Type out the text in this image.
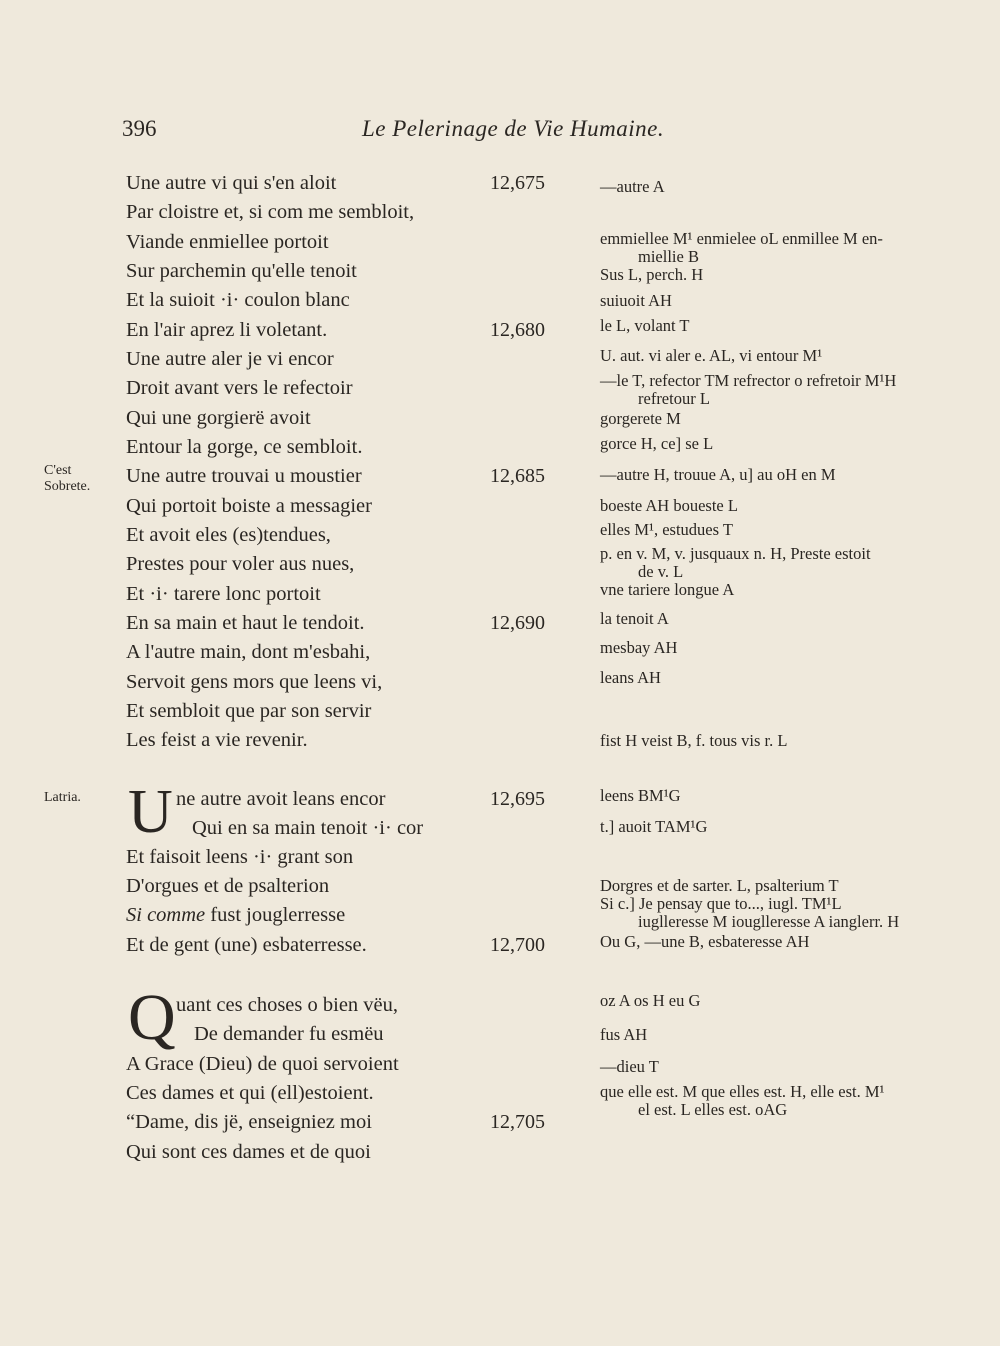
396	Le Pelerinage de Vie Humaine.
C'est Sobrete.
Latria.
Une autre vi qui s'en aloit
Par cloistre et, si com me sembloit,
Viande enmiellee portoit
Sur parchemin qu'elle tenoit
Et la suioit ·i· coulon blanc
En l'air aprez li voletant.
Une autre aler je vi encor
Droit avant vers le refectoir
Qui une gorgierë avoit
Entour la gorge, ce sembloit.
Une autre trouvai u moustier
Qui portoit boiste a messagier
Et avoit eles (es)tendues,
Prestes pour voler aus nues,
Et ·i· tarere lonc portoit
En sa main et haut le tendoit.
A l'autre main, dont m'esbahi,
Servoit gens mors que leens vi,
Et sembloit que par son servir
Les feist a vie revenir.
U ne autre avoit leans encor
Qui en sa main tenoit ·i· cor
Et faisoit leens ·i· grant son
D'orgues et de psalterion
Si comme fust jouglerresse
Et de gent (une) esbaterresse.
Q uant ces choses o bien vëu,
De demander fu esmëu
A Grace (Dieu) de quoi servoient
Ces dames et qui (ell)estoient.
“Dame, dis jë, enseigniez moi
Qui sont ces dames et de quoi
12,675
12,680
12,685
12,690
12,695
12,700
12,705
—autre A
emmiellee M¹ enmielee oL enmillee M en-
miellie B
Sus L, perch. H
suiuoit AH
le L, volant T
U. aut. vi aler e. AL, vi entour M¹
—le T, refector TM refrector o refretoir M¹H
refretour L
gorgerete M
gorce H, ce] se L
—autre H, trouue A, u] au oH en M
boeste AH boueste L
elles M¹, estudues T
p. en v. M, v. jusquaux n. H, Preste estoit
de v. L
vne tariere longue A
la tenoit A
mesbay AH
leans AH
fist H veist B, f. tous vis r. L
leens BM¹G
t.] auoit TAM¹G
Dorgres et de sarter. L, psalterium T
Si c.] Je pensay que to..., iugl. TM¹L
iuglleresse M iouglleresse A ianglerr. H
Ou G, —une B, esbateresse AH
oz A os H eu G
fus AH
—dieu T
que elle est. M que elles est. H, elle est. M¹
el est. L elles est. oAG
